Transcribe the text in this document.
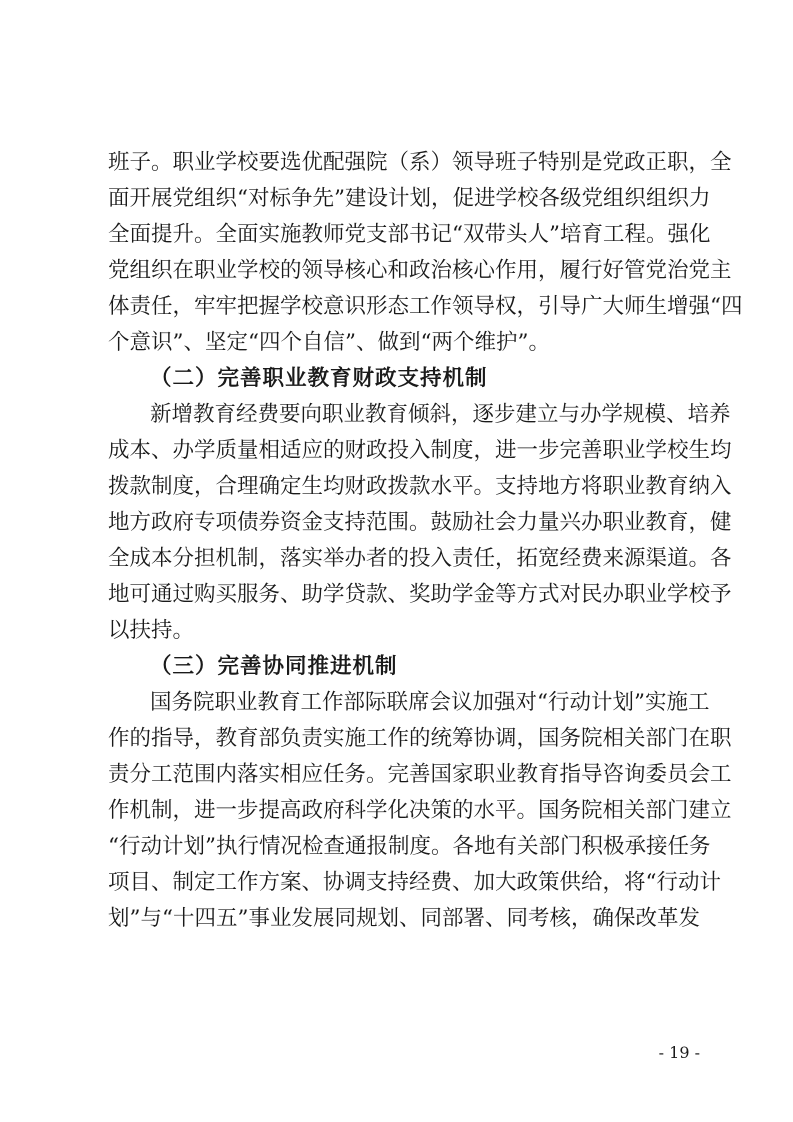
班子。职业学校要选优配强院（系）领导班子特别是党政正职，全
面开展党组织“对标争先”建设计划，促进学校各级党组织组织力
全面提升。全面实施教师党支部书记“双带头人”培育工程。强化
党组织在职业学校的领导核心和政治核心作用，履行好管党治党主
体责任，牢牢把握学校意识形态工作领导权，引导广大师生增强“四
个意识”、坚定“四个自信”、做到“两个维护”。
（二）完善职业教育财政支持机制
新增教育经费要向职业教育倾斜，逐步建立与办学规模、培养
成本、办学质量相适应的财政投入制度，进一步完善职业学校生均
拨款制度，合理确定生均财政拨款水平。支持地方将职业教育纳入
地方政府专项债券资金支持范围。鼓励社会力量兴办职业教育，健
全成本分担机制，落实举办者的投入责任，拓宽经费来源渠道。各
地可通过购买服务、助学贷款、奖助学金等方式对民办职业学校予
以扶持。
（三）完善协同推进机制
国务院职业教育工作部际联席会议加强对“行动计划”实施工
作的指导，教育部负责实施工作的统筹协调，国务院相关部门在职
责分工范围内落实相应任务。完善国家职业教育指导咨询委员会工
作机制，进一步提高政府科学化决策的水平。国务院相关部门建立
“行动计划”执行情况检查通报制度。各地有关部门积极承接任务
项目、制定工作方案、协调支持经费、加大政策供给，将“行动计
划”与“十四五”事业发展同规划、同部署、同考核，确保改革发
- 19 -
